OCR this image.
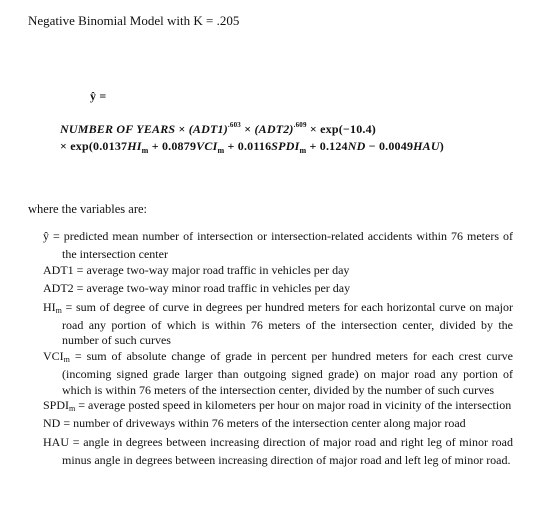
Negative Binomial Model with K = .205
ŷ =
NUMBER OF YEARS × $(ADT1)^{.603} \times (ADT2)^{.609} \times \exp(-10.4)$
× $\exp(0.0137HI_m + 0.0879VCI_m$ + $0.0116SPDI_m + 0.124ND - 0.0049HAU$)
where the variables are:

ŷ = predicted mean number of intersection or intersection-related accidents within 76 meters of the intersection center

ADT1 = average two-way major road traffic in vehicles per day

ADT2 = average two-way minor road traffic in vehicles per day

$HI_m$ = sum of degree of curve in degrees per hundred meters for each horizontal curve on major road any portion of which is within 76 meters of the intersection center, divided by the number of such curves

$VCI_m$ = sum of absolute change of grade in percent per hundred meters for each crest curve (incoming signed grade larger than outgoing signed grade) on major road any portion of which is within 76 meters of the intersection center, divided by the number of such curves

$SPDI_m$ = average posted speed in kilometers per hour on major road in vicinity of the intersection

ND = number of driveways within 76 meters of the intersection center along major road

HAU = angle in degrees between increasing direction of major road and right leg of minor road minus angle in degrees between increasing direction of major road and left leg of minor road.
